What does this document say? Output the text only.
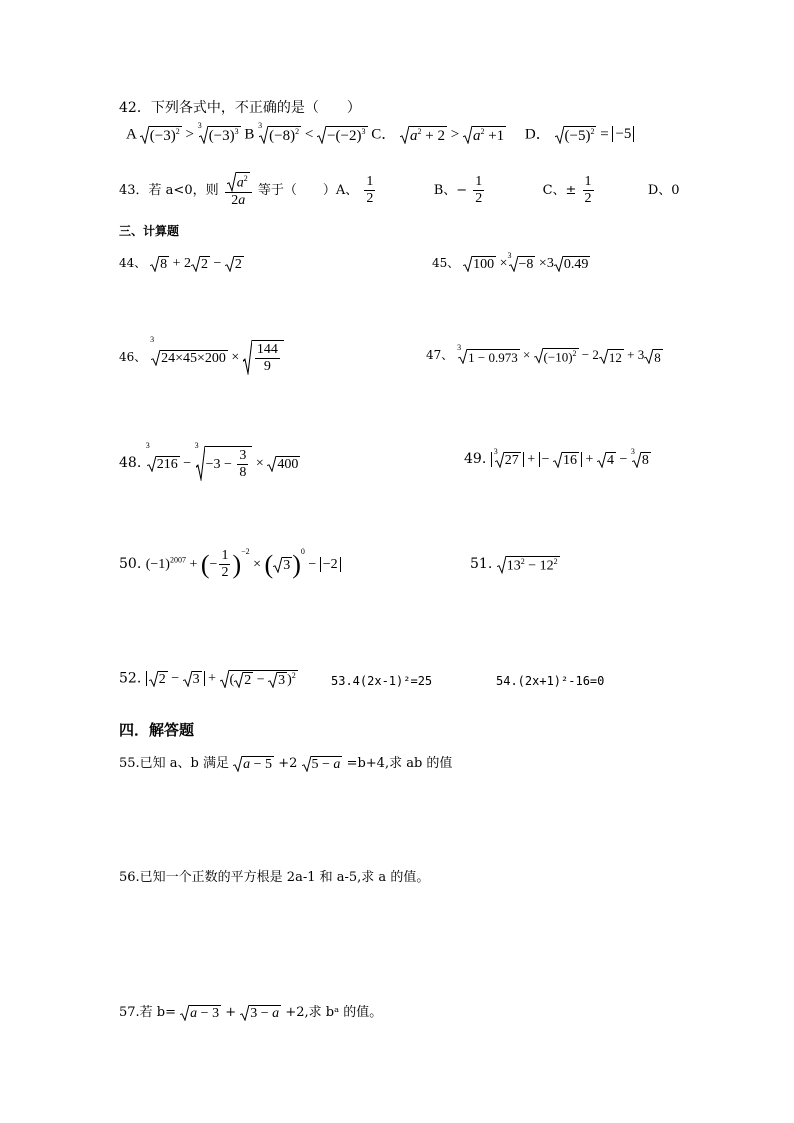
42．下列各式中，不正确的是（　　）
A $(-3)^2 > ^3$
$(-3)^3$ B $^3$
$(-8)^2 < -(-2)^3$ C． $a^2 + 2 > a^2 +1$ D． $(-5)^2 = -5$
43．若 a<0，则 $\frac{a^2}{2a}$ 等于（　　）A、 $\frac{1}{2}$	B、− $\frac{1}{2}$	C、± $\frac{1}{2}$	D、0
三、计算题
44、 8 + 2 2 − 2	45、 100 ×$^3$
−8 ×3 0.49
46、 $^3$
$24\times 45\times 200 \times \frac{144}{9}$	47、 $^3$
$1 - 0.973 \times (-10)^2 - 2$ 12 + 3 8
48. $^3$
216 − $^3$
$-3 - \frac{3}{8} \times 400$	49. $^3$
27 + − 16 + 4 − $^3$
8
50. $(-1)^{2007}$ + (− $\frac{1}{2} )^{-2}$ × ( 3 )$^0$ − −2	51. $13^2 - 12^2$
52. 2 − 3 + ( 2 − 3 )$^2$	53.4(2x-1)²=25	54.(2x+1)²-16=0
四．解答题
55.已知 a、b 满足 a − 5 +2 5 − a =b+4,求 ab 的值
56.已知一个正数的平方根是 2a-1 和 a-5,求 a 的值。
57.若 b= a − 3 + 3 − a +2,求 bᵃ 的值。
